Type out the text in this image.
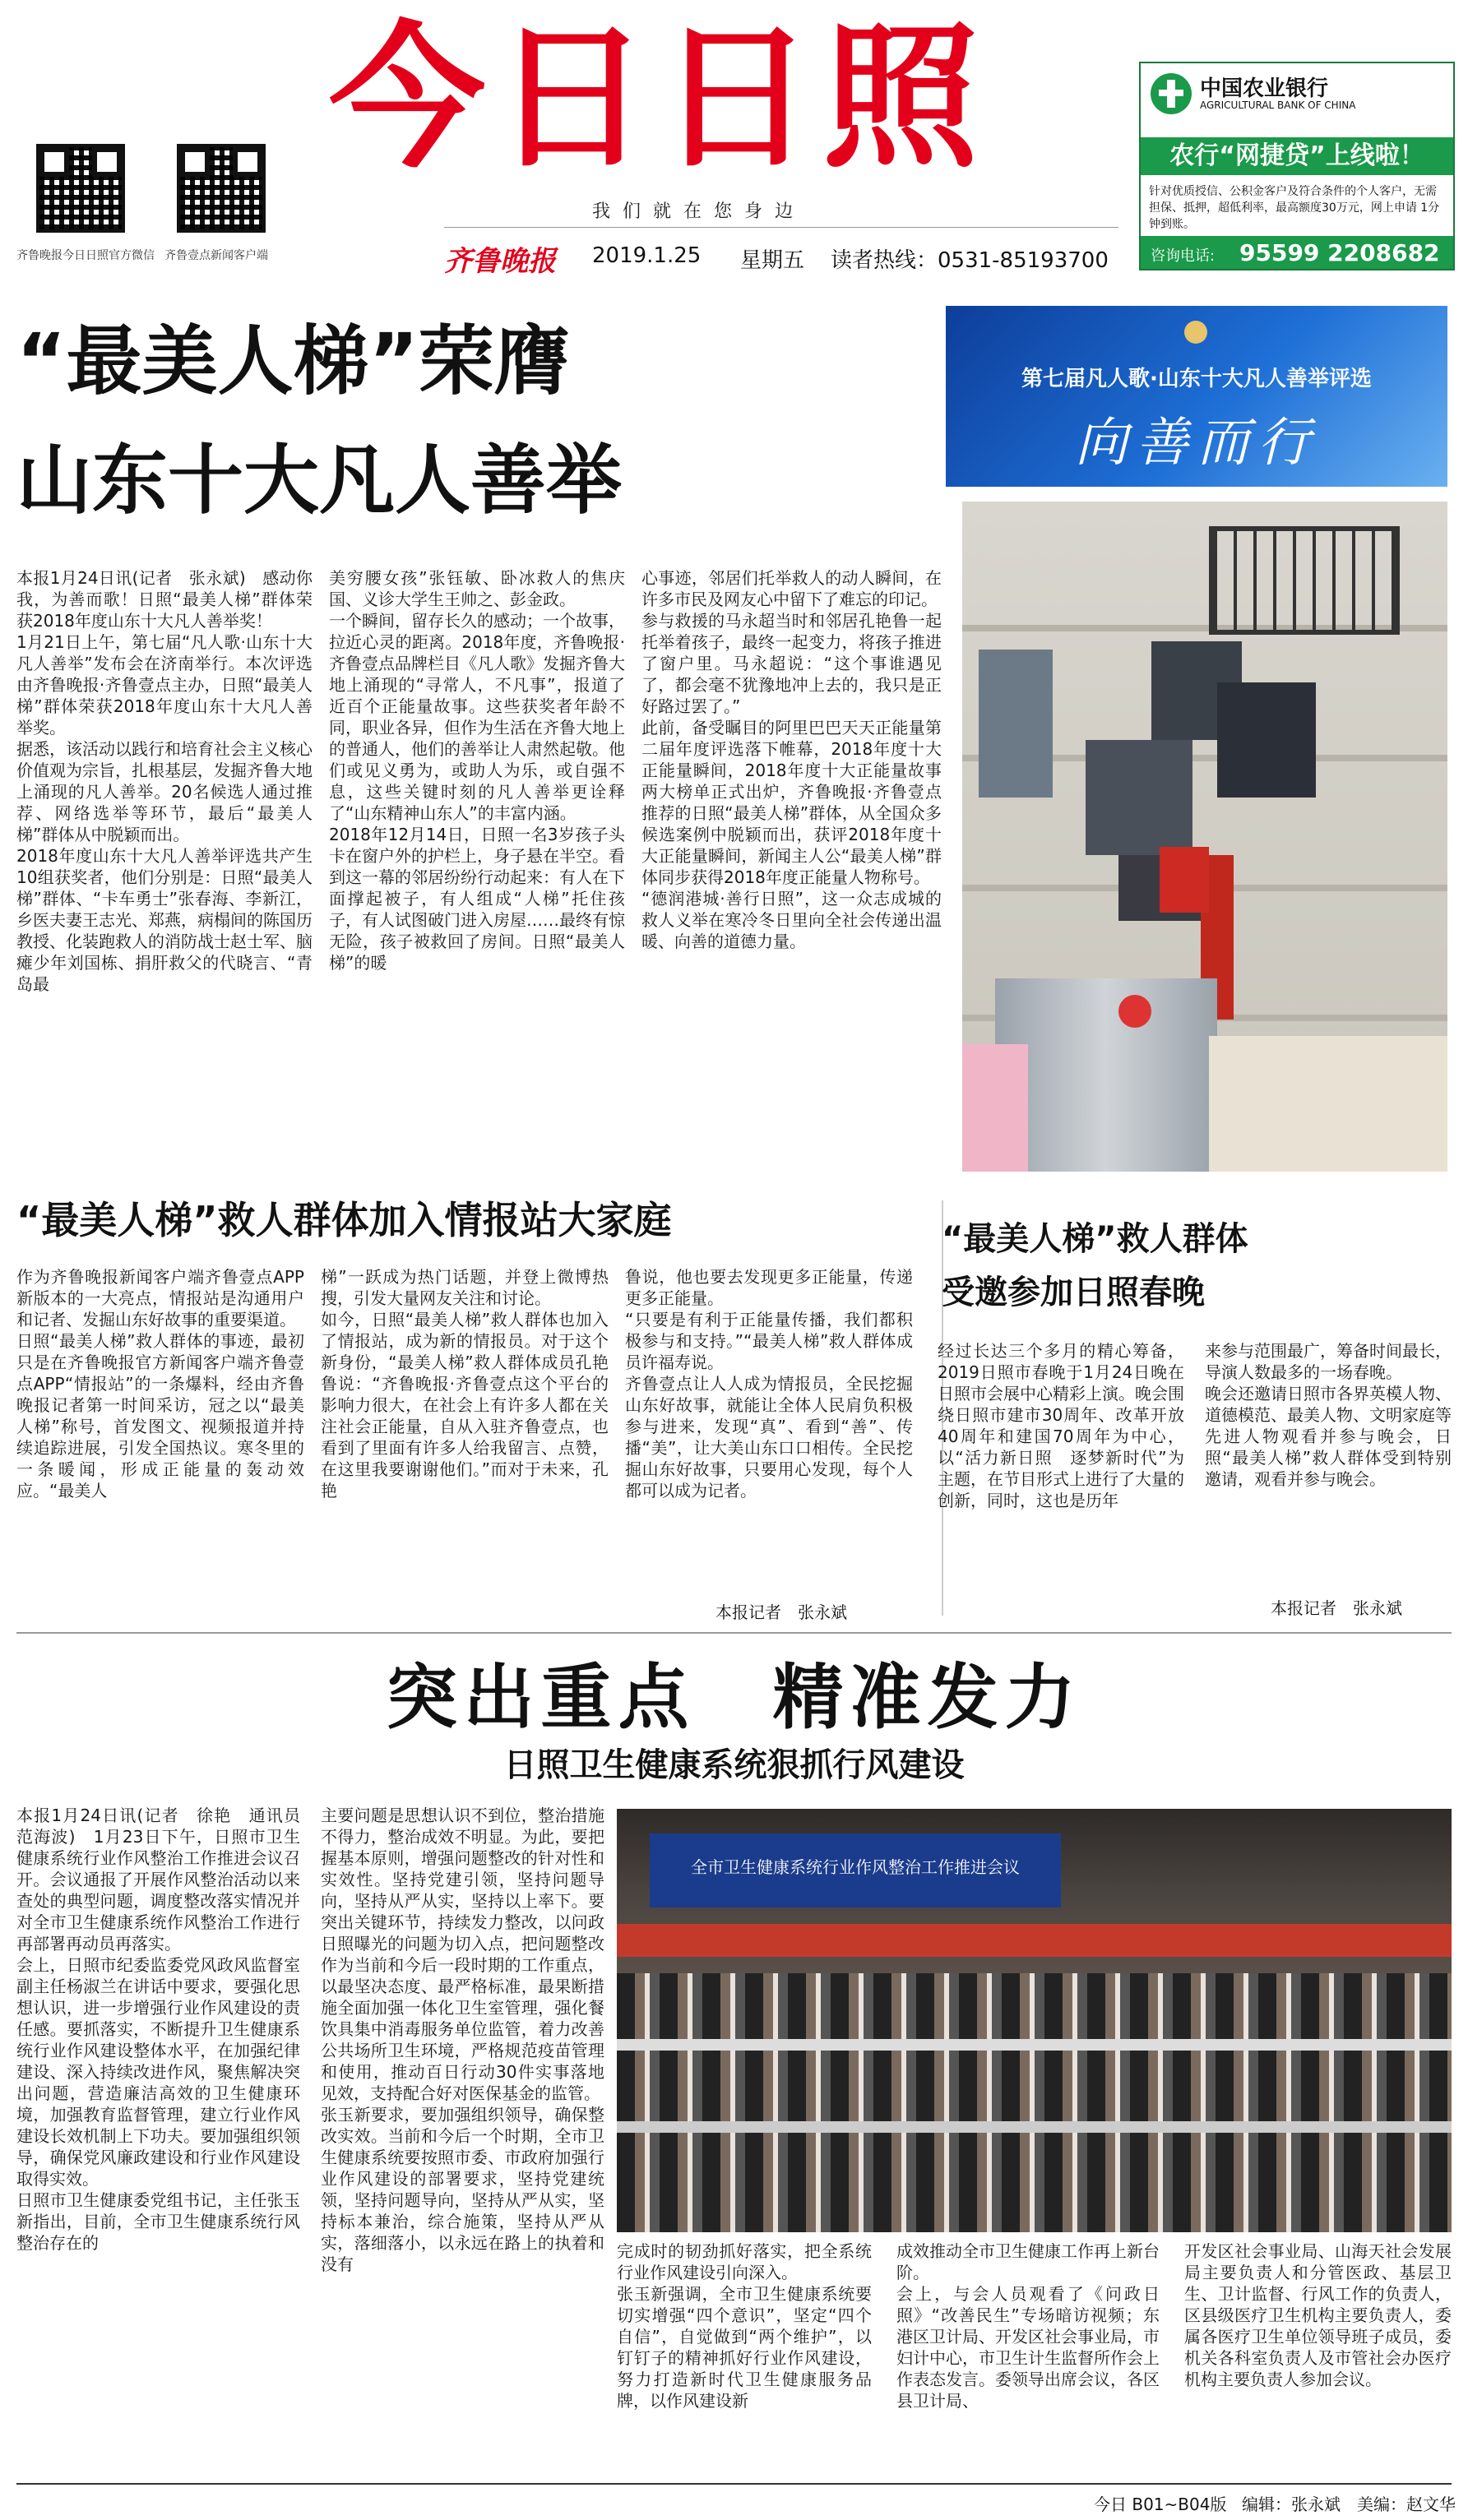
齐鲁晚报今日日照官方微信 齐鲁壹点新闻客户端
今日日照
我 们 就 在 您 身 边
齐鲁晚报 2019.1.25 星期五 读者热线：0531-85193700
中国农业银行
AGRICULTURAL BANK OF CHINA
农行“网捷贷”上线啦！
针对优质授信、公积金客户及符合条件的个人客户，无需担保、抵押，超低利率，最高额度30万元，网上申请 1分钟到账。
咨询电话: 95599 2208682
“最美人梯”荣膺
山东十大凡人善举
第七届凡人歌·山东十大凡人善举评选
向善而行
本报1月24日讯(记者　张永斌)　感动你我，为善而歌！日照“最美人梯”群体荣获2018年度山东十大凡人善举奖！
1月21日上午，第七届“凡人歌·山东十大凡人善举”发布会在济南举行。本次评选由齐鲁晚报·齐鲁壹点主办，日照“最美人梯”群体荣获2018年度山东十大凡人善举奖。
据悉，该活动以践行和培育社会主义核心价值观为宗旨，扎根基层，发掘齐鲁大地上涌现的凡人善举。20名候选人通过推荐、网络选举等环节，最后“最美人梯”群体从中脱颖而出。
2018年度山东十大凡人善举评选共产生10组获奖者，他们分别是：日照“最美人梯”群体、“卡车勇士”张春海、李新江，乡医夫妻王志光、郑燕，病榻间的陈国历教授、化装跑救人的消防战士赵士军、脑瘫少年刘国栋、捐肝救父的代晓言、“青岛最
美穷腰女孩”张钰敏、卧冰救人的焦庆国、义诊大学生王帅之、彭金政。
一个瞬间，留存长久的感动；一个故事，拉近心灵的距离。2018年度，齐鲁晚报·齐鲁壹点品牌栏目《凡人歌》发掘齐鲁大地上涌现的“寻常人，不凡事”，报道了近百个正能量故事。这些获奖者年龄不同，职业各异，但作为生活在齐鲁大地上的普通人，他们的善举让人肃然起敬。他们或见义勇为，或助人为乐，或自强不息，这些关键时刻的凡人善举更诠释了“山东精神山东人”的丰富内涵。
2018年12月14日，日照一名3岁孩子头卡在窗户外的护栏上，身子悬在半空。看到这一幕的邻居纷纷行动起来：有人在下面撑起被子，有人组成“人梯”托住孩子，有人试图破门进入房屋……最终有惊无险，孩子被救回了房间。日照“最美人梯”的暖
心事迹，邻居们托举救人的动人瞬间，在许多市民及网友心中留下了难忘的印记。
参与救援的马永超当时和邻居孔艳鲁一起托举着孩子，最终一起变力，将孩子推进了窗户里。马永超说：“这个事谁遇见了，都会毫不犹豫地冲上去的，我只是正好路过罢了。”
此前，备受瞩目的阿里巴巴天天正能量第二届年度评选落下帷幕，2018年度十大正能量瞬间，2018年度十大正能量故事两大榜单正式出炉，齐鲁晚报·齐鲁壹点推荐的日照“最美人梯”群体，从全国众多候选案例中脱颖而出，获评2018年度十大正能量瞬间，新闻主人公“最美人梯”群体同步获得2018年度正能量人物称号。
“德润港城·善行日照”，这一众志成城的救人义举在寒冷冬日里向全社会传递出温暖、向善的道德力量。
“最美人梯”救人群体加入情报站大家庭
作为齐鲁晚报新闻客户端齐鲁壹点APP新版本的一大亮点，情报站是沟通用户和记者、发掘山东好故事的重要渠道。
日照“最美人梯”救人群体的事迹，最初只是在齐鲁晚报官方新闻客户端齐鲁壹点APP“情报站”的一条爆料，经由齐鲁晚报记者第一时间采访，冠之以“最美人梯”称号，首发图文、视频报道并持续追踪进展，引发全国热议。寒冬里的一条暖闻，形成正能量的轰动效应。“最美人
梯”一跃成为热门话题，并登上微博热搜，引发大量网友关注和讨论。
如今，日照“最美人梯”救人群体也加入了情报站，成为新的情报员。对于这个新身份，“最美人梯”救人群体成员孔艳鲁说：“齐鲁晚报·齐鲁壹点这个平台的影响力很大，在社会上有许多人都在关注社会正能量，自从入驻齐鲁壹点，也看到了里面有许多人给我留言、点赞，在这里我要谢谢他们。”而对于未来，孔艳
鲁说，他也要去发现更多正能量，传递更多正能量。
“只要是有利于正能量传播，我们都积极参与和支持。”“最美人梯”救人群体成员许福寿说。
齐鲁壹点让人人成为情报员，全民挖掘山东好故事，就能让全体人民肩负积极参与进来，发现“真”、看到“善”、传播“美”，让大美山东口口相传。全民挖掘山东好故事，只要用心发现，每个人都可以成为记者。
本报记者　张永斌
“最美人梯”救人群体
受邀参加日照春晚
经过长达三个多月的精心筹备，2019日照市春晚于1月24日晚在日照市会展中心精彩上演。晚会围绕日照市建市30周年、改革开放40周年和建国70周年为中心，以“活力新日照　逐梦新时代”为主题，在节目形式上进行了大量的创新，同时，这也是历年
来参与范围最广，筹备时间最长，导演人数最多的一场春晚。
晚会还邀请日照市各界英模人物、道德模范、最美人物、文明家庭等先进人物观看并参与晚会，日照“最美人梯”救人群体受到特别邀请，观看并参与晚会。
本报记者　张永斌
突出重点　精准发力
日照卫生健康系统狠抓行风建设
本报1月24日讯(记者　徐艳　通讯员　范海波)　1月23日下午，日照市卫生健康系统行业作风整治工作推进会议召开。会议通报了开展作风整治活动以来查处的典型问题，调度整改落实情况并对全市卫生健康系统作风整治工作进行再部署再动员再落实。
会上，日照市纪委监委党风政风监督室副主任杨淑兰在讲话中要求，要强化思想认识，进一步增强行业作风建设的责任感。要抓落实，不断提升卫生健康系统行业作风建设整体水平，在加强纪律建设、深入持续改进作风，聚焦解决突出问题，营造廉洁高效的卫生健康环境，加强教育监督管理，建立行业作风建设长效机制上下功夫。要加强组织领导，确保党风廉政建设和行业作风建设取得实效。
日照市卫生健康委党组书记，主任张玉新指出，目前，全市卫生健康系统行风整治存在的
主要问题是思想认识不到位，整治措施不得力，整治成效不明显。为此，要把握基本原则，增强问题整改的针对性和实效性。坚持党建引领，坚持问题导向，坚持从严从实，坚持以上率下。要突出关键环节，持续发力整改，以问政日照曝光的问题为切入点，把问题整改作为当前和今后一段时期的工作重点，以最坚决态度、最严格标准，最果断措施全面加强一体化卫生室管理，强化餐饮具集中消毒服务单位监管，着力改善公共场所卫生环境，严格规范疫苗管理和使用，推动百日行动30件实事落地见效，支持配合好对医保基金的监管。
张玉新要求，要加强组织领导，确保整改实效。当前和今后一个时期，全市卫生健康系统要按照市委、市政府加强行业作风建设的部署要求，坚持党建统领，坚持问题导向，坚持从严从实，坚持标本兼治，综合施策，坚持从严从实，落细落小，以永远在路上的执着和没有
全市卫生健康系统行业作风整治工作推进会议
完成时的韧劲抓好落实，把全系统行业作风建设引向深入。
张玉新强调，全市卫生健康系统要切实增强“四个意识”，坚定“四个自信”，自觉做到“两个维护”，以钉钉子的精神抓好行业作风建设，努力打造新时代卫生健康服务品牌，以作风建设新
成效推动全市卫生健康工作再上新台阶。
会上，与会人员观看了《问政日照》“改善民生”专场暗访视频；东港区卫计局、开发区社会事业局，市妇计中心，市卫生计生监督所作会上作表态发言。委领导出席会议，各区县卫计局、
开发区社会事业局、山海天社会发展局主要负责人和分管医政、基层卫生、卫计监督、行风工作的负责人，区县级医疗卫生机构主要负责人，委属各医疗卫生单位领导班子成员，委机关各科室负责人及市管社会办医疗机构主要负责人参加会议。
今日 B01~B04版 编辑：张永斌 美编：赵文华
